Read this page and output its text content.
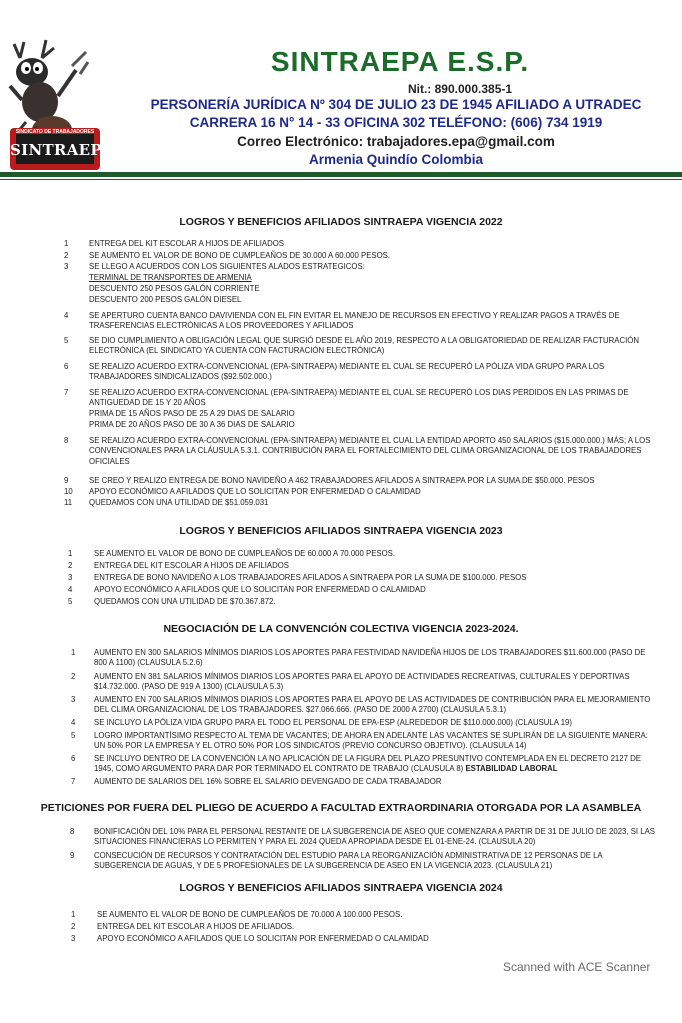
SINDICATO DE TRABAJADORES
SINTRAEPA
SINTRAEPA E.S.P.
Nit.: 890.000.385-1
PERSONERÍA JURÍDICA Nº 304 DE JULIO 23 DE 1945 AFILIADO A UTRADEC
CARRERA 16 N° 14 - 33 OFICINA 302 TELÉFONO: (606) 734 1919
Correo Electrónico: trabajadores.epa@gmail.com
Armenia Quindío Colombia
LOGROS Y BENEFICIOS AFILIADOS SINTRAEPA VIGENCIA 2022
1	ENTREGA DEL KIT ESCOLAR A HIJOS DE AFILIADOS
2	SE AUMENTO EL VALOR DE BONO DE CUMPLEAÑOS DE 30.000 A 60.000 PESOS.
3	SE LLEGO A ACUERDOS CON LOS SIGUIENTES ALADOS ESTRATEGICOS:
TERMINAL DE TRANSPORTES DE ARMENIA
DESCUENTO 250 PESOS GALÓN CORRIENTE
DESCUENTO 200 PESOS GALÓN DIESEL
4	SE APERTURO CUENTA BANCO DAVIVIENDA CON EL FIN EVITAR EL MANEJO DE RECURSOS EN EFECTIVO Y REALIZAR PAGOS A TRAVÉS DE TRASFERENCIAS ELECTRÓNICAS A LOS PROVEEDORES Y AFILIADOS
5	SE DIO CUMPLIMIENTO A OBLIGACIÓN LEGAL QUE SURGIÓ DESDE EL AÑO 2019, RESPECTO A LA OBLIGATORIEDAD DE REALIZAR FACTURACIÓN ELECTRÓNICA (EL SINDICATO YA CUENTA CON FACTURACIÓN ELECTRÓNICA)
6	SE REALIZO ACUERDO EXTRA-CONVENCIONAL (EPA-SINTRAEPA) MEDIANTE EL CUAL SE RECUPERÓ LA PÓLIZA VIDA GRUPO PARA LOS TRABAJADORES SINDICALIZADOS ($92.502.000.)
7	SE REALIZO ACUERDO EXTRA-CONVENCIONAL (EPA-SINTRAEPA) MEDIANTE EL CUAL SE RECUPERÓ LOS DIAS PERDIDOS EN LAS PRIMAS DE ANTIGUEDAD DE 15 Y 20 AÑOS
PRIMA DE 15 AÑOS PASO DE 25 A 29 DIAS DE SALARIO
PRIMA DE 20 AÑOS PASO DE 30 A 36 DIAS DE SALARIO
8	SE REALIZO ACUERDO EXTRA-CONVENCIONAL (EPA-SINTRAEPA) MEDIANTE EL CUAL LA ENTIDAD APORTO 450 SALARIOS ($15.000.000.) MÁS; A LOS CONVENCIONALES PARA LA CLÁUSULA 5.3.1. CONTRIBUCIÓN PARA EL FORTALECIMIENTO DEL CLIMA ORGANIZACIONAL DE LOS TRABAJADORES OFICIALES
9	SE CREO Y REALIZO ENTREGA DE BONO NAVIDEÑO A 462 TRABAJADORES AFILADOS A SINTRAEPA POR LA SUMA DE $50.000. PESOS
10 APOYO ECONÓMICO A AFILADOS QUE LO SOLICITAN POR ENFERMEDAD O CALAMIDAD
11 QUEDAMOS CON UNA UTILIDAD DE $51.059.031
LOGROS Y BENEFICIOS AFILIADOS SINTRAEPA VIGENCIA 2023
1	SE AUMENTO EL VALOR DE BONO DE CUMPLEAÑOS DE 60.000 A 70.000 PESOS.
2	ENTREGA DEL KIT ESCOLAR A HIJOS DE AFILIADOS
3	ENTREGA DE BONO NAVIDEÑO A LOS TRABAJADORES AFILADOS A SINTRAEPA POR LA SUMA DE $100.000. PESOS
4	APOYO ECONÓMICO A AFILADOS QUE LO SOLICITAN POR ENFERMEDAD O CALAMIDAD
5	QUEDAMOS CON UNA UTILIDAD DE $70.367.872.
NEGOCIACIÓN DE LA CONVENCIÓN COLECTIVA VIGENCIA 2023-2024.
1 AUMENTO EN 300 SALARIOS MÍNIMOS DIARIOS LOS APORTES PARA FESTIVIDAD NAVIDEÑA HIJOS DE LOS TRABAJADORES $11.600.000 (PASO DE 800 A 1100) (CLAUSULA 5.2.6)
2 AUMENTO EN 381 SALARIOS MÍNIMOS DIARIOS LOS APORTES PARA EL APOYO DE ACTIVIDADES RECREATIVAS, CULTURALES Y DEPORTIVAS $14.732.000. (PASO DE 919 A 1300) (CLAUSULA 5.3)
3 AUMENTO EN 700 SALARIOS MÍNIMOS DIARIOS LOS APORTES PARA EL APOYO DE LAS ACTIVIDADES DE CONTRIBUCIÓN PARA EL MEJORAMIENTO DEL CLIMA ORGANIZACIONAL DE LOS TRABAJADORES. $27.066.666. (PASO DE 2000 A 2700) (CLAUSULA 5.3.1)
4 SE INCLUYO LA PÓLIZA VIDA GRUPO PARA EL TODO EL PERSONAL DE EPA-ESP (ALREDEDOR DE $110.000.000) (CLAUSULA 19)
5 LOGRO IMPORTANTÍSIMO RESPECTO AL TEMA DE VACANTES; DE AHORA EN ADELANTE LAS VACANTES SE SUPLIRÁN DE LA SIGUIENTE MANERA: UN 50% POR LA EMPRESA Y EL OTRO 50% POR LOS SINDICATOS (PREVIO CONCURSO OBJETIVO). (CLAUSULA 14)
6 SE INCLUYO DENTRO DE LA CONVENCIÓN LA NO APLICACIÓN DE LA FIGURA DEL PLAZO PRESUNTIVO CONTEMPLADA EN EL DECRETO 2127 DE 1945, COMO ARGUMENTO PARA DAR POR TERMINADO EL CONTRATO DE TRABAJO (CLAUSULA 8) ESTABILIDAD LABORAL
7 AUMENTO DE SALARIOS DEL 16% SOBRE EL SALARIO DEVENGADO DE CADA TRABAJADOR
PETICIONES POR FUERA DEL PLIEGO DE ACUERDO A FACULTAD EXTRAORDINARIA OTORGADA POR LA ASAMBLEA
8	BONIFICACIÓN DEL 10% PARA EL PERSONAL RESTANTE DE LA SUBGERENCIA DE ASEO QUE COMENZARA A PARTIR DE 31 DE JULIO DE 2023, SI LAS SITUACIONES FINANCIERAS LO PERMITEN Y PARA EL 2024 QUEDA APROPIADA DESDE EL 01-ENE-24. (CLAUSULA 20)
9	CONSECUCIÓN DE RECURSOS Y CONTRATACIÓN DEL ESTUDIO PARA LA REORGANIZACIÓN ADMINISTRATIVA DE 12 PERSONAS DE LA SUBGERENCIA DE AGUAS, Y DE 5 PROFESIONALES DE LA SUBGERENCIA DE ASEO EN LA VIGENCIA 2023. (CLAUSULA 21)
LOGROS Y BENEFICIOS AFILIADOS SINTRAEPA VIGENCIA 2024
1	SE AUMENTO EL VALOR DE BONO DE CUMPLEAÑOS DE 70.000 A 100.000 PESOS.
2	ENTREGA DEL KIT ESCOLAR A HIJOS DE AFILIADOS.
3	APOYO ECONÓMICO A AFILADOS QUE LO SOLICITAN POR ENFERMEDAD O CALAMIDAD
Scanned with ACE Scanner
